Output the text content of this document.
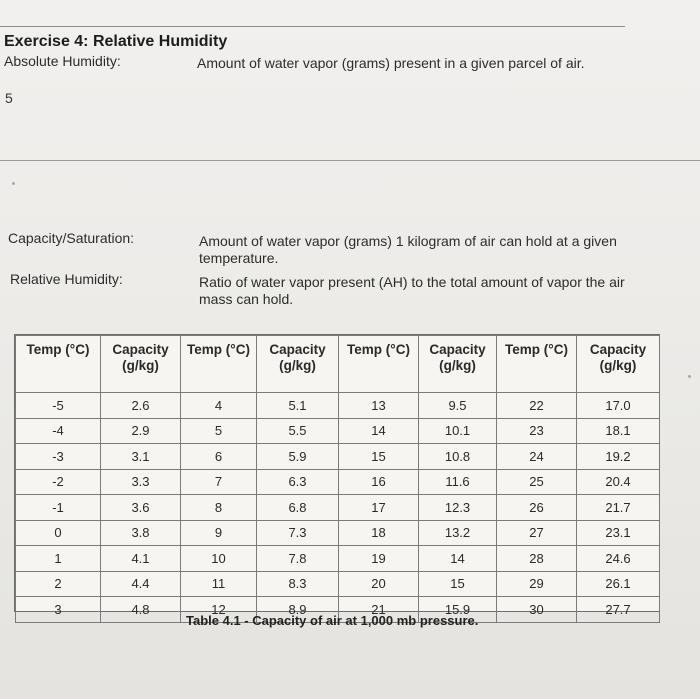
Exercise 4: Relative Humidity
Absolute Humidity:	Amount of water vapor (grams) present in a given parcel of air.
5
Capacity/Saturation:	Amount of water vapor (grams) 1 kilogram of air can hold at a given
temperature.
Relative Humidity:	Ratio of water vapor present (AH) to the total amount of vapor the air
mass can hold.
Temp (°C)	Capacity (g/kg)	Temp (°C)	Capacity (g/kg)	Temp (°C)	Capacity (g/kg)	Temp (°C)	Capacity (g/kg)
-5	2.6	4	5.1	13	9.5	22	17.0
-4	2.9	5	5.5	14	10.1	23	18.1
-3	3.1	6	5.9	15	10.8	24	19.2
-2	3.3	7	6.3	16	11.6	25	20.4
-1	3.6	8	6.8	17	12.3	26	21.7
0	3.8	9	7.3	18	13.2	27	23.1
1	4.1	10	7.8	19	14	28	24.6
2	4.4	11	8.3	20	15	29	26.1
3	4.8	12	8.9	21	15.9	30	27.7
Table 4.1 - Capacity of air at 1,000 mb pressure.
